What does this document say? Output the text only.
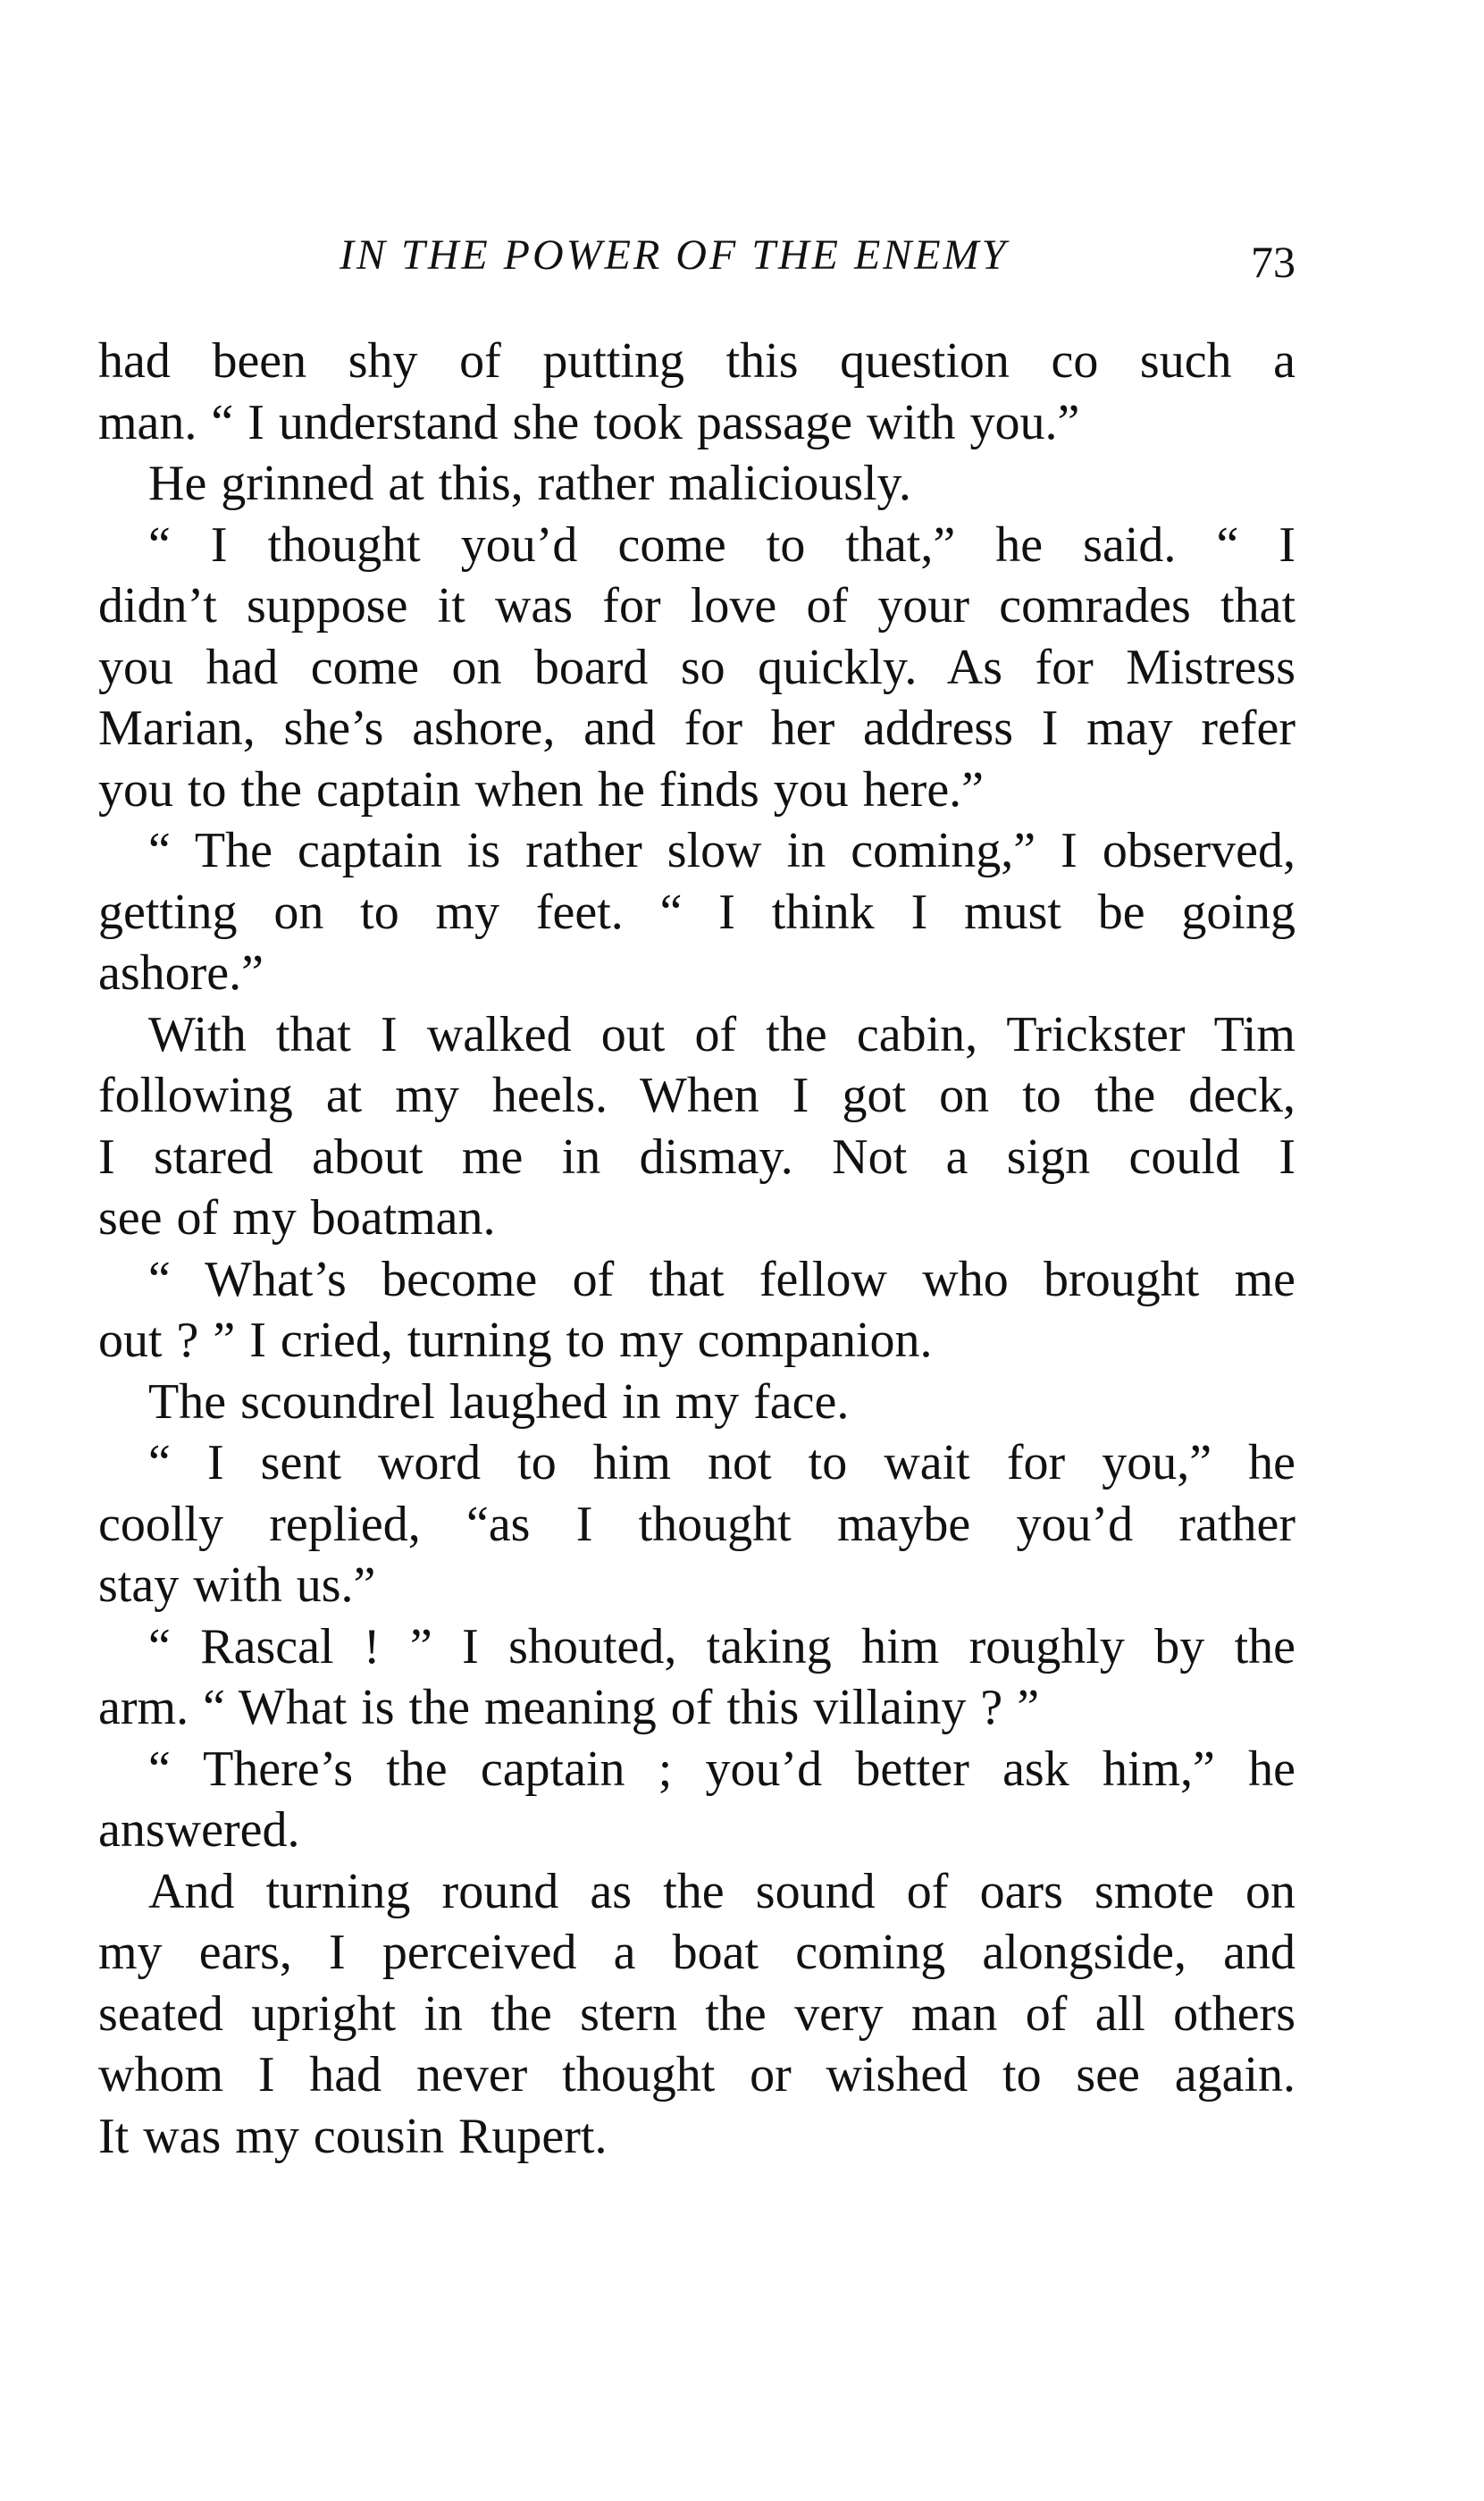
IN THE POWER OF THE ENEMY	73
had been shy of putting this question co such a
man. “ I understand she took passage with you.”
He grinned at this, rather maliciously.
“ I thought you’d come to that,” he said. “ I
didn’t suppose it was for love of your comrades that
you had come on board so quickly. As for Mistress
Marian, she’s ashore, and for her address I may refer
you to the captain when he finds you here.”
“ The captain is rather slow in coming,” I observed,
getting on to my feet. “ I think I must be going
ashore.”
With that I walked out of the cabin, Trickster Tim
following at my heels. When I got on to the deck,
I stared about me in dismay. Not a sign could I
see of my boatman.
“ What’s become of that fellow who brought me
out ? ” I cried, turning to my companion.
The scoundrel laughed in my face.
“ I sent word to him not to wait for you,” he
coolly replied, “as I thought maybe you’d rather
stay with us.”
“ Rascal ! ” I shouted, taking him roughly by the
arm. “ What is the meaning of this villainy ? ”
“ There’s the captain ; you’d better ask him,” he
answered.
And turning round as the sound of oars smote on
my ears, I perceived a boat coming alongside, and
seated upright in the stern the very man of all others
whom I had never thought or wished to see again.
It was my cousin Rupert.
